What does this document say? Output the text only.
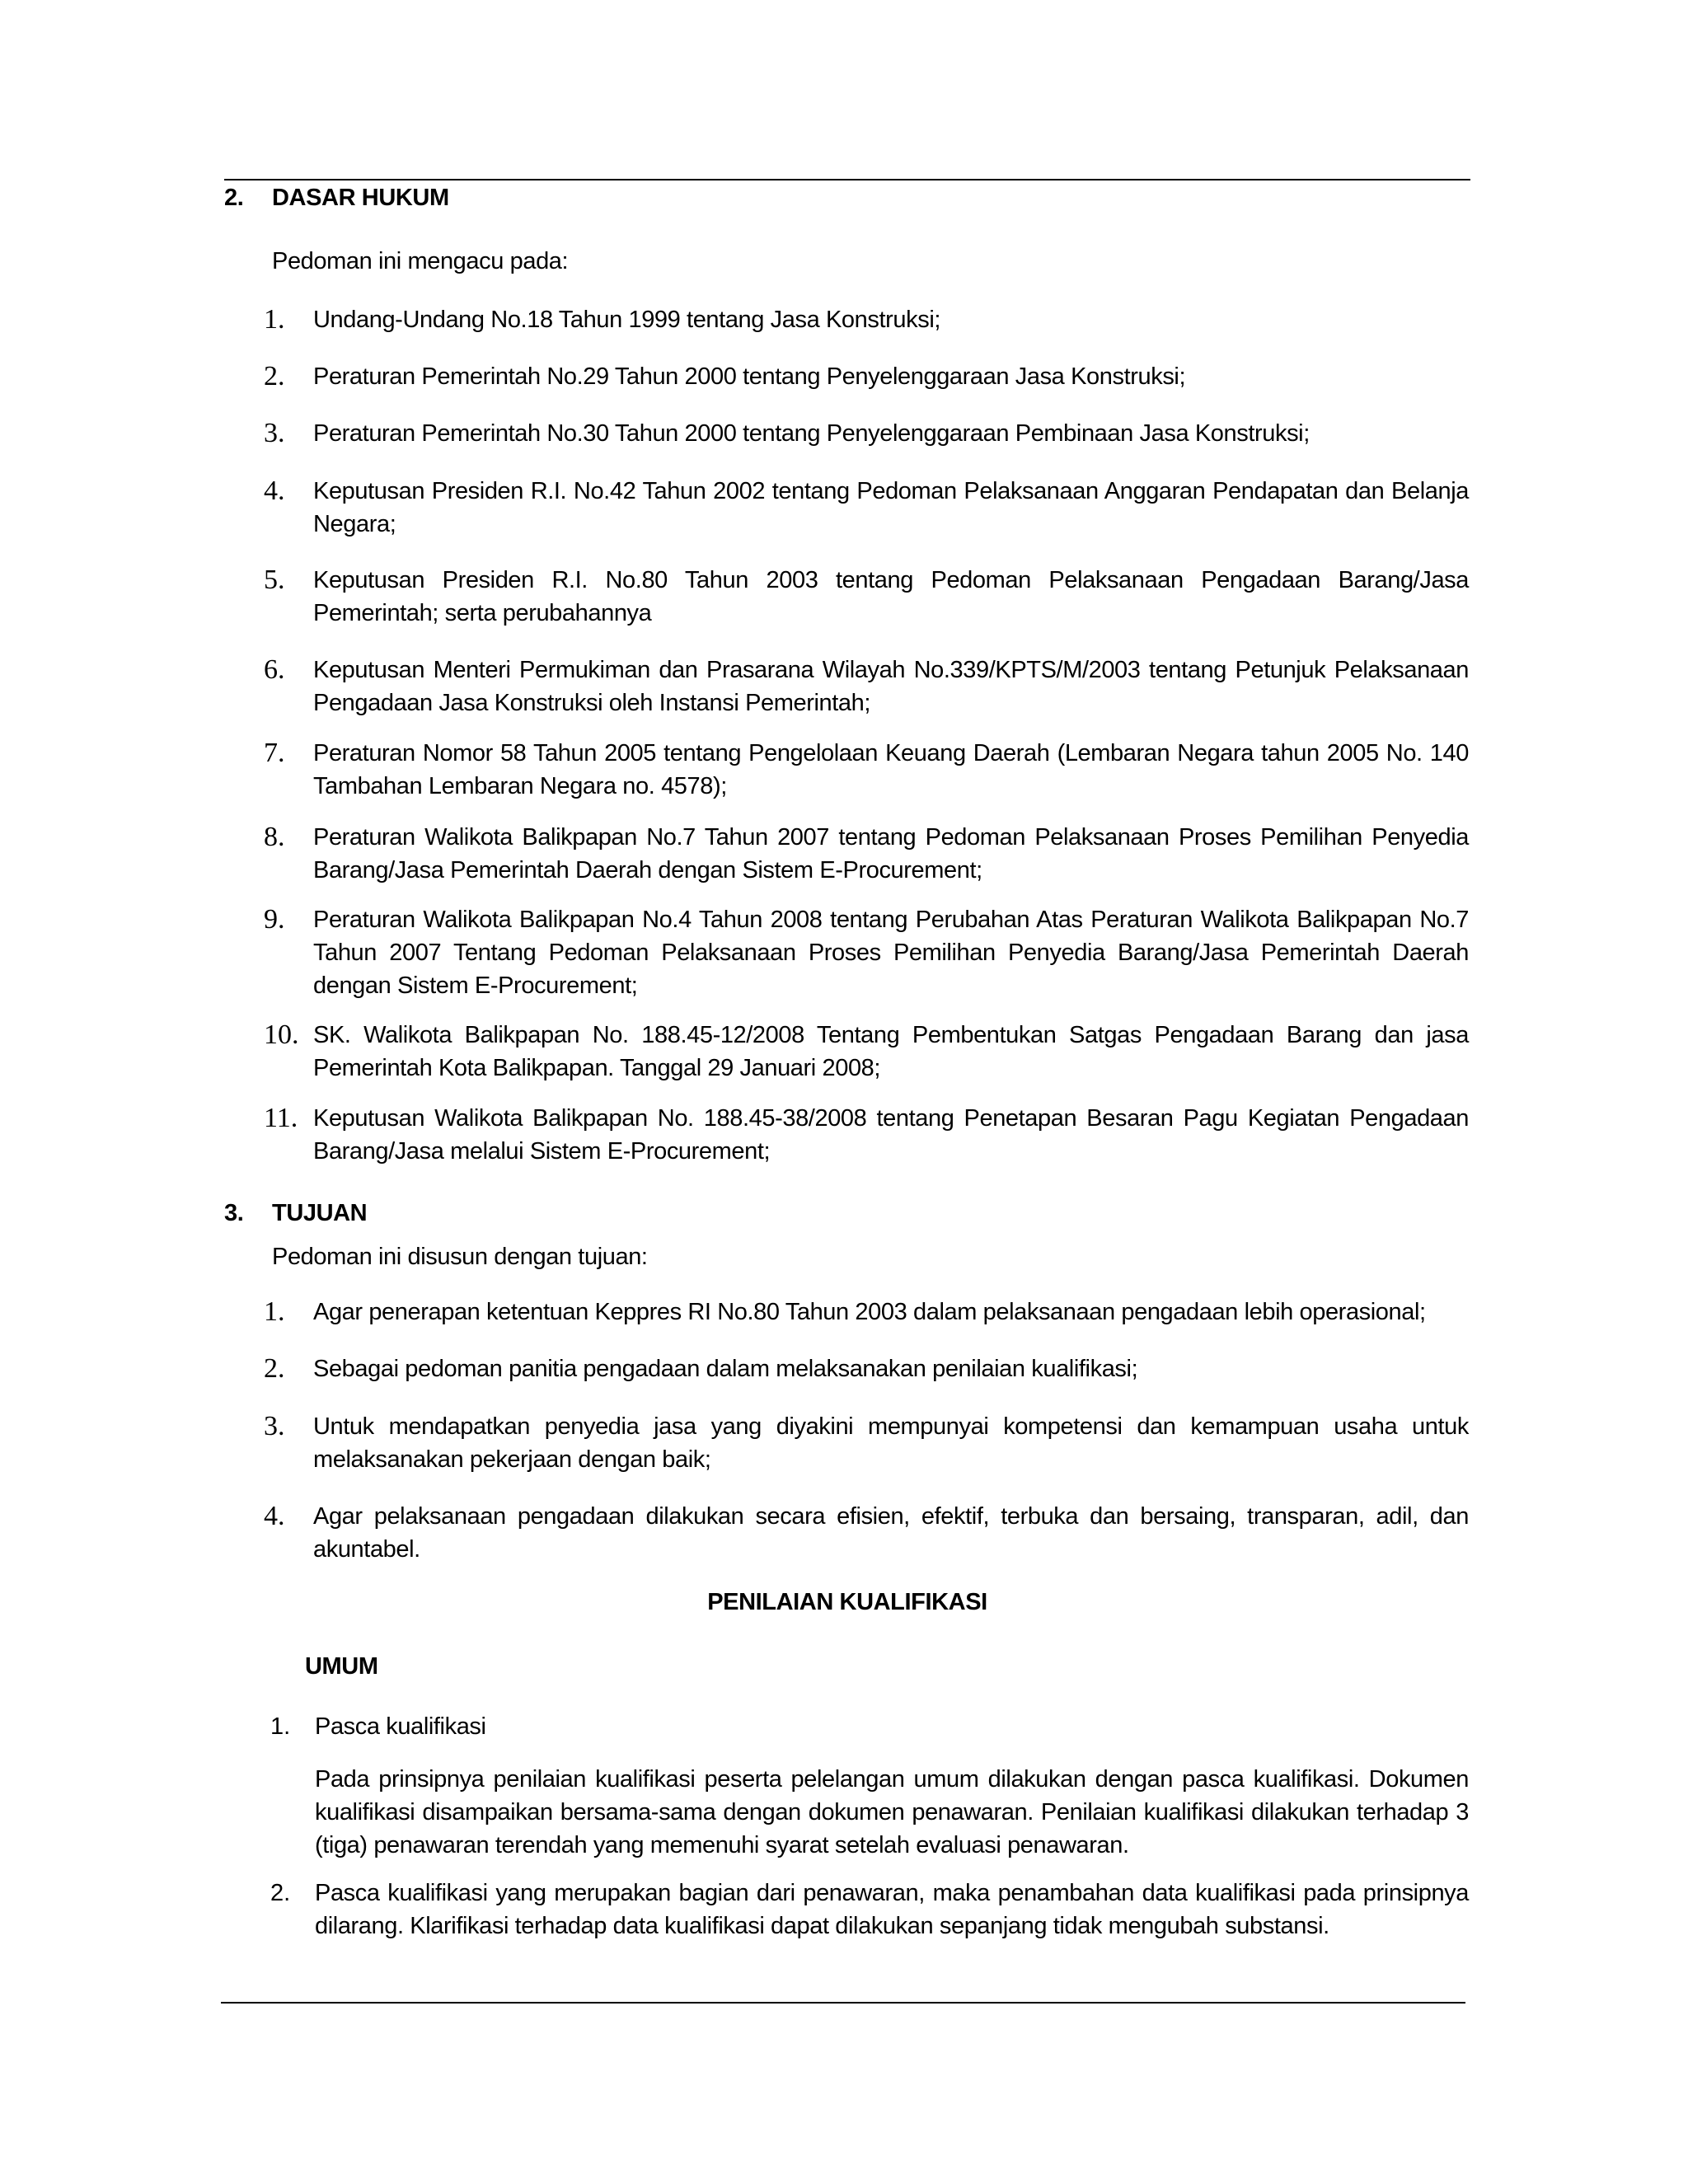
2. DASAR HUKUM
Pedoman ini mengacu pada:
1. Undang-Undang No.18 Tahun 1999 tentang Jasa Konstruksi;
2. Peraturan Pemerintah No.29 Tahun 2000 tentang Penyelenggaraan Jasa Konstruksi;
3. Peraturan Pemerintah No.30 Tahun 2000 tentang Penyelenggaraan Pembinaan Jasa Konstruksi;
4. Keputusan Presiden R.I. No.42 Tahun 2002 tentang Pedoman Pelaksanaan Anggaran Pendapatan dan Belanja Negara;
5. Keputusan Presiden R.I. No.80 Tahun 2003 tentang Pedoman Pelaksanaan Pengadaan Barang/Jasa Pemerintah; serta perubahannya
6. Keputusan Menteri Permukiman dan Prasarana Wilayah No.339/KPTS/M/2003 tentang Petunjuk Pelaksanaan Pengadaan Jasa Konstruksi oleh Instansi Pemerintah;
7. Peraturan Nomor 58 Tahun 2005 tentang Pengelolaan Keuang Daerah (Lembaran Negara tahun 2005 No. 140 Tambahan Lembaran Negara no. 4578);
8. Peraturan Walikota Balikpapan No.7 Tahun 2007 tentang Pedoman Pelaksanaan Proses Pemilihan Penyedia Barang/Jasa Pemerintah Daerah dengan Sistem E-Procurement;
9. Peraturan Walikota Balikpapan No.4 Tahun 2008 tentang Perubahan Atas Peraturan Walikota Balikpapan No.7 Tahun 2007 Tentang Pedoman Pelaksanaan Proses Pemilihan Penyedia Barang/Jasa Pemerintah Daerah dengan Sistem E-Procurement;
10. SK. Walikota Balikpapan No. 188.45-12/2008 Tentang Pembentukan Satgas Pengadaan Barang dan jasa Pemerintah Kota Balikpapan. Tanggal 29 Januari 2008;
11. Keputusan Walikota Balikpapan No. 188.45-38/2008 tentang Penetapan Besaran Pagu Kegiatan Pengadaan Barang/Jasa melalui Sistem E-Procurement;
3. TUJUAN
Pedoman ini disusun dengan tujuan:
1. Agar penerapan ketentuan Keppres RI No.80 Tahun 2003 dalam pelaksanaan pengadaan lebih operasional;
2. Sebagai pedoman panitia pengadaan dalam melaksanakan penilaian kualifikasi;
3. Untuk mendapatkan penyedia jasa yang diyakini mempunyai kompetensi dan kemampuan usaha untuk melaksanakan pekerjaan dengan baik;
4. Agar pelaksanaan pengadaan dilakukan secara efisien, efektif, terbuka dan bersaing, transparan, adil, dan akuntabel.
PENILAIAN KUALIFIKASI
UMUM
1. Pasca kualifikasi
Pada prinsipnya penilaian kualifikasi peserta pelelangan umum dilakukan dengan pasca kualifikasi. Dokumen kualifikasi disampaikan bersama-sama dengan dokumen penawaran. Penilaian kualifikasi dilakukan terhadap 3 (tiga) penawaran terendah yang memenuhi syarat setelah evaluasi penawaran.
2. Pasca kualifikasi yang merupakan bagian dari penawaran, maka penambahan data kualifikasi pada prinsipnya dilarang. Klarifikasi terhadap data kualifikasi dapat dilakukan sepanjang tidak mengubah substansi.
